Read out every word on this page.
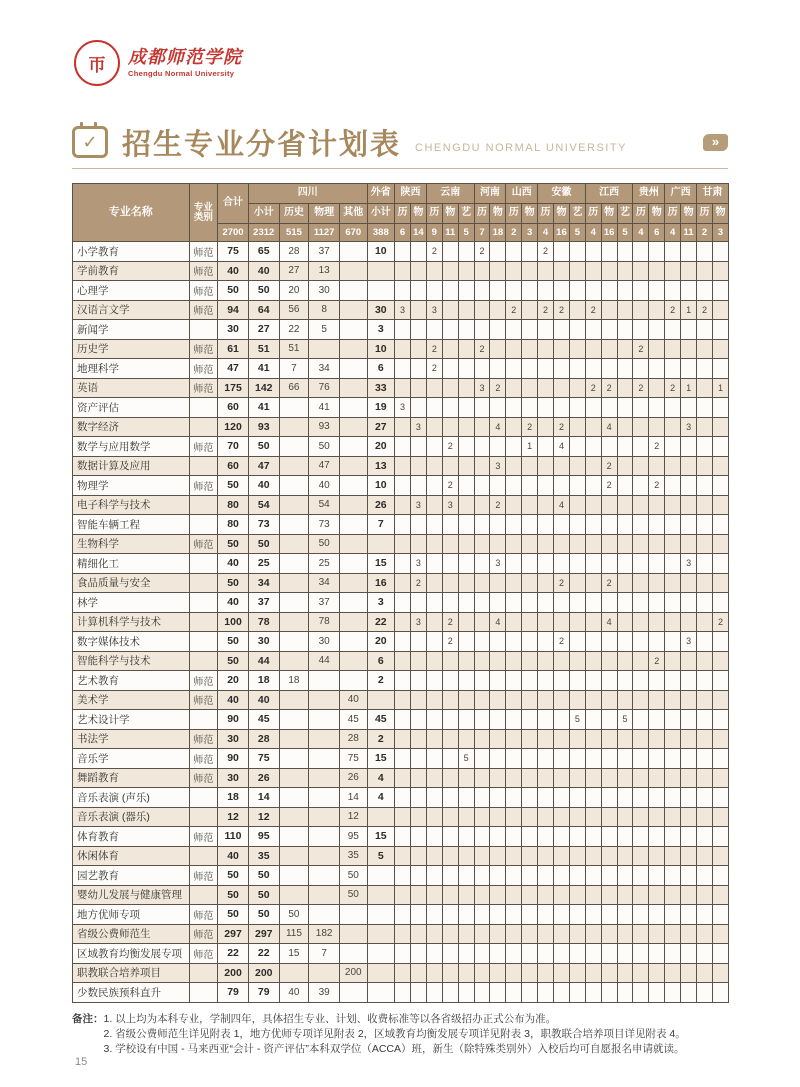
帀	成都师范学院
Chengdu Normal University
✓ 招生专业分省计划表 CHENGDU NORMAL UNIVERSITY	»
专业名称	专业
类别	合计	四川				外省	陕西		云南			河南		山西		安徽			江西			贵州		广西		甘肃	
			小计	历史	物理	其他	小计	历	物	历	物	艺	历	物	历	物	历	物	艺	历	物	艺	历	物	历	物	历	物
		2700	2312	515	1127	670	388	6	14	9	11	5	7	18	2	3	4	16	5	4	16	5	4	6	4	11	2	3
小学教育	师范	75	65	28	37		10			2			2				2											
学前教育	师范	40	40	27	13																							
心理学	师范	50	50	20	30																							
汉语言文学	师范	94	64	56	8		30	3		3					2		2	2		2					2	1	2	
新闻学		30	27	22	5		3																					
历史学	师范	61	51	51			10			2			2										2					
地理科学	师范	47	41	7	34		6			2																		
英语	师范	175	142	66	76		33						3	2						2	2		2		2	1		1
资产评估		60	41		41		19	3																				
数字经济		120	93		93		27		3					4		2		2			4					3		
数学与应用数学	师范	70	50		50		20				2					1		4						2				
数据计算及应用		60	47		47		13							3							2							
物理学	师范	50	40		40		10				2										2			2				
电子科学与技术		80	54		54		26		3		3			2				4										
智能车辆工程		80	73		73		7																					
生物科学	师范	50	50		50																							
精细化工		40	25		25		15		3					3												3		
食品质量与安全		50	34		34		16		2									2			2							
林学		40	37		37		3																					
计算机科学与技术		100	78		78		22		3		2			4							4							2
数字媒体技术		50	30		30		20				2							2								3		
智能科学与技术		50	44		44		6																	2				
艺术教育	师范	20	18	18			2																					
美术学	师范	40	40			40																						
艺术设计学		90	45			45	45												5			5						
书法学	师范	30	28			28	2																					
音乐学	师范	90	75			75	15					5																
舞蹈教育	师范	30	26			26	4																					
音乐表演 (声乐)		18	14			14	4																					
音乐表演 (器乐)		12	12			12																						
体育教育	师范	110	95			95	15																					
休闲体育		40	35			35	5																					
园艺教育	师范	50	50			50																						
婴幼儿发展与健康管理		50	50			50																						
地方优师专项	师范	50	50	50																								
省级公费师范生	师范	297	297	115	182																							
区域教育均衡发展专项	师范	22	22	15	7																							
职教联合培养项目		200	200			200																						
少数民族预科直升		79	79	40	39																							
备注： 1. 以上均为本科专业，学制四年，具体招生专业、计划、收费标准等以各省级招办正式公布为准。
2. 省级公费师范生详见附表 1，地方优师专项详见附表 2，区域教育均衡发展专项详见附表 3，职教联合培养项目详见附表 4。
3. 学校设有中国 - 马来西亚“会计 - 资产评估”本科双学位（ACCA）班，新生（除特殊类别外）入校后均可自愿报名申请就读。
15
